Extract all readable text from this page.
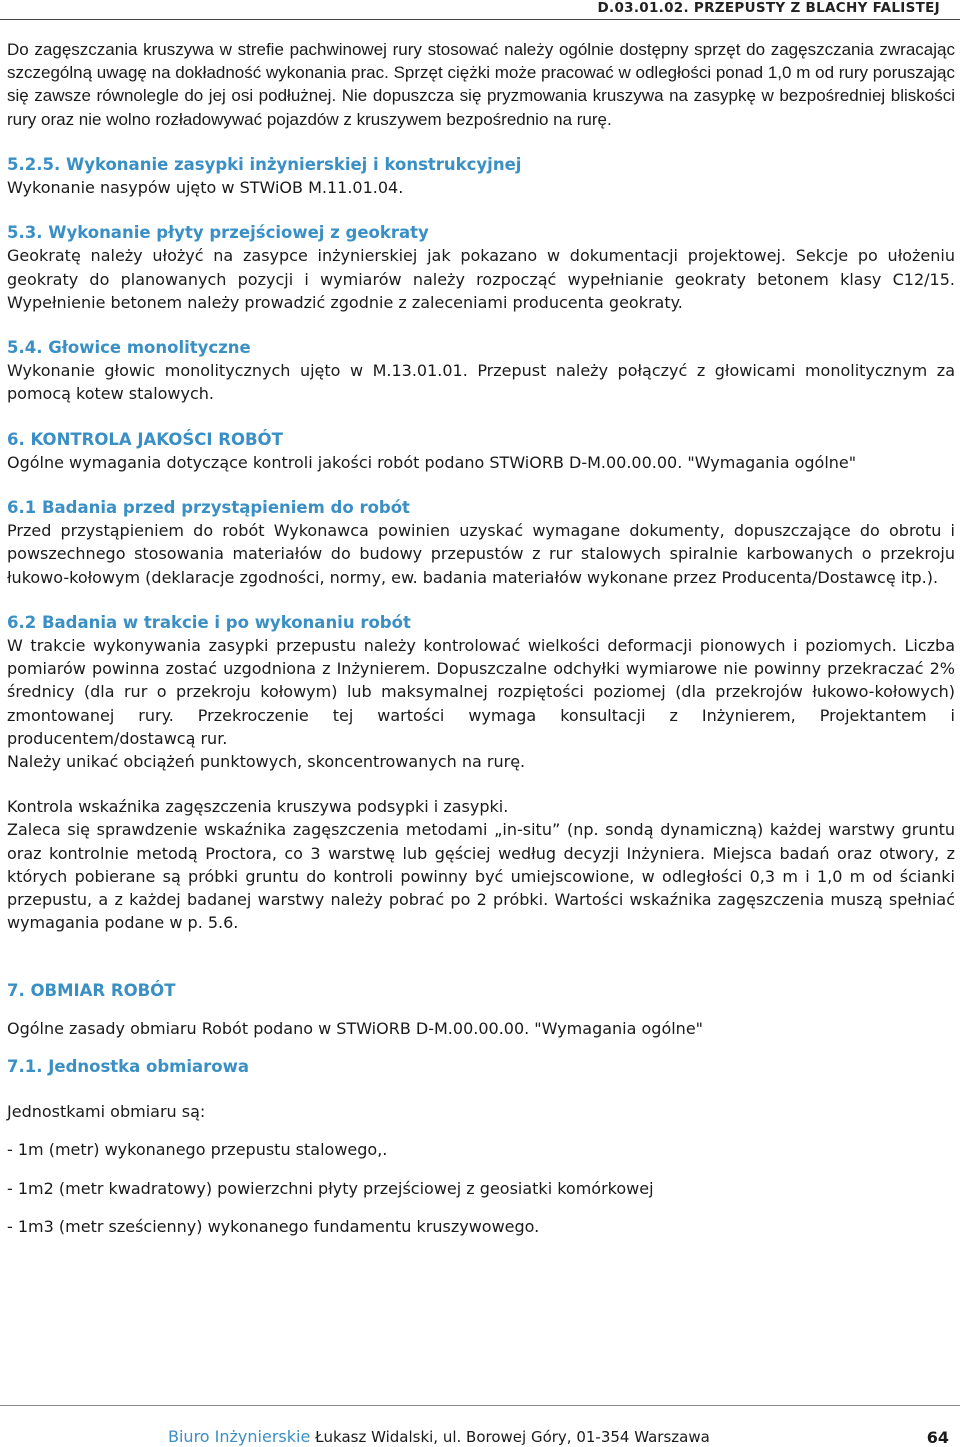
D.03.01.02. PRZEPUSTY Z BLACHY FALISTEJ

Do zagęszczania kruszywa w strefie pachwinowej rury stosować należy ogólnie dostępny sprzęt do zagęszczania zwracając szczególną uwagę na dokładność wykonania prac. Sprzęt ciężki może pracować w odległości ponad 1,0 m od rury poruszając się zawsze równolegle do jej osi podłużnej. Nie dopuszcza się pryzmowania kruszywa na zasypkę w bezpośredniej bliskości rury oraz nie wolno rozładowywać pojazdów z kruszywem bezpośrednio na rurę.

5.2.5. Wykonanie zasypki inżynierskiej i konstrukcyjnej

Wykonanie nasypów ujęto w STWiOB M.11.01.04.

5.3. Wykonanie płyty przejściowej z geokraty

Geokratę należy ułożyć na zasypce inżynierskiej jak pokazano w dokumentacji projektowej. Sekcje po ułożeniu geokraty do planowanych pozycji i wymiarów należy rozpocząć wypełnianie geokraty betonem klasy C12/15. Wypełnienie betonem należy prowadzić zgodnie z zaleceniami producenta geokraty.

5.4. Głowice monolityczne

Wykonanie głowic monolitycznych ujęto w M.13.01.01. Przepust należy połączyć z głowicami monolitycznym za pomocą kotew stalowych.

6. KONTROLA JAKOŚCI ROBÓT

Ogólne wymagania dotyczące kontroli jakości robót podano STWiORB D-M.00.00.00. "Wymagania ogólne"

6.1 Badania przed przystąpieniem do robót

Przed przystąpieniem do robót Wykonawca powinien uzyskać wymagane dokumenty, dopuszczające do obrotu i powszechnego stosowania materiałów do budowy przepustów z rur stalowych spiralnie karbowanych o przekroju łukowo-kołowym (deklaracje zgodności, normy, ew. badania materiałów wykonane przez Producenta/Dostawcę itp.).

6.2 Badania w trakcie i po wykonaniu robót

W trakcie wykonywania zasypki przepustu należy kontrolować wielkości deformacji pionowych i poziomych. Liczba pomiarów powinna zostać uzgodniona z Inżynierem. Dopuszczalne odchyłki wymiarowe nie powinny przekraczać 2% średnicy (dla rur o przekroju kołowym) lub maksymalnej rozpiętości poziomej (dla przekrojów łukowo-kołowych) zmontowanej rury. Przekroczenie tej wartości wymaga konsultacji z Inżynierem, Projektantem i producentem/dostawcą rur.

Należy unikać obciążeń punktowych, skoncentrowanych na rurę.

Kontrola wskaźnika zagęszczenia kruszywa podsypki i zasypki.

Zaleca się sprawdzenie wskaźnika zagęszczenia metodami „in-situ” (np. sondą dynamiczną) każdej warstwy gruntu oraz kontrolnie metodą Proctora, co 3 warstwę lub gęściej według decyzji Inżyniera. Miejsca badań oraz otwory, z których pobierane są próbki gruntu do kontroli powinny być umiejscowione, w odległości 0,3 m i 1,0 m od ścianki przepustu, a z każdej badanej warstwy należy pobrać po 2 próbki. Wartości wskaźnika zagęszczenia muszą spełniać wymagania podane w p. 5.6.

7. OBMIAR ROBÓT

Ogólne zasady obmiaru Robót podano w STWiORB D-M.00.00.00. "Wymagania ogólne"

7.1. Jednostka obmiarowa

Jednostkami obmiaru są:

- 1m (metr) wykonanego przepustu stalowego,.

- 1m2 (metr kwadratowy) powierzchni płyty przejściowej z geosiatki komórkowej

- 1m3 (metr sześcienny) wykonanego fundamentu kruszywowego.

Biuro Inżynierskie Łukasz Widalski, ul. Borowej Góry, 01-354 Warszawa	64
